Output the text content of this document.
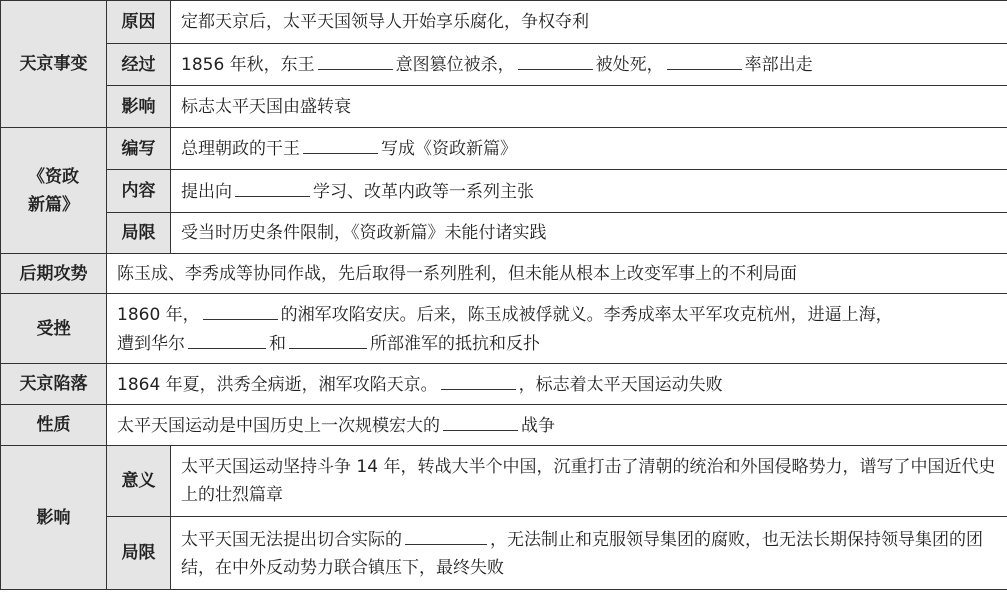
天京事变	原因	定都天京后，太平天国领导人开始享乐腐化，争权夺利
	经过	1856 年秋，东王 意图篡位被杀， 被处死， 率部出走
	影响	标志太平天国由盛转衰

《资政
新篇》	编写	总理朝政的干王 写成《资政新篇》
	内容	提出向 学习、改革内政等一系列主张
	局限	受当时历史条件限制，《资政新篇》未能付诸实践
后期攻势	陈玉成、李秀成等协同作战，先后取得一系列胜利，但未能从根本上改变军事上的不利局面	
受挫	1860 年， 的湘军攻陷安庆。后来，陈玉成被俘就义。李秀成率太平军攻克杭州，进逼上海，
遭到华尔 和 所部淮军的抵抗和反扑	

天京陷落	1864 年夏，洪秀全病逝，湘军攻陷天京。 ，标志着太平天国运动失败	
性质	太平天国运动是中国历史上一次规模宏大的 战争	
影响	意义	太平天国运动坚持斗争 14 年，转战大半个中国，沉重打击了清朝的统治和外国侵略势力，谱写了中国近代史上的壮烈篇章
	局限	太平天国无法提出切合实际的 ，无法制止和克服领导集团的腐败，也无法长期保持领导集团的团结，在中外反动势力联合镇压下，最终失败
